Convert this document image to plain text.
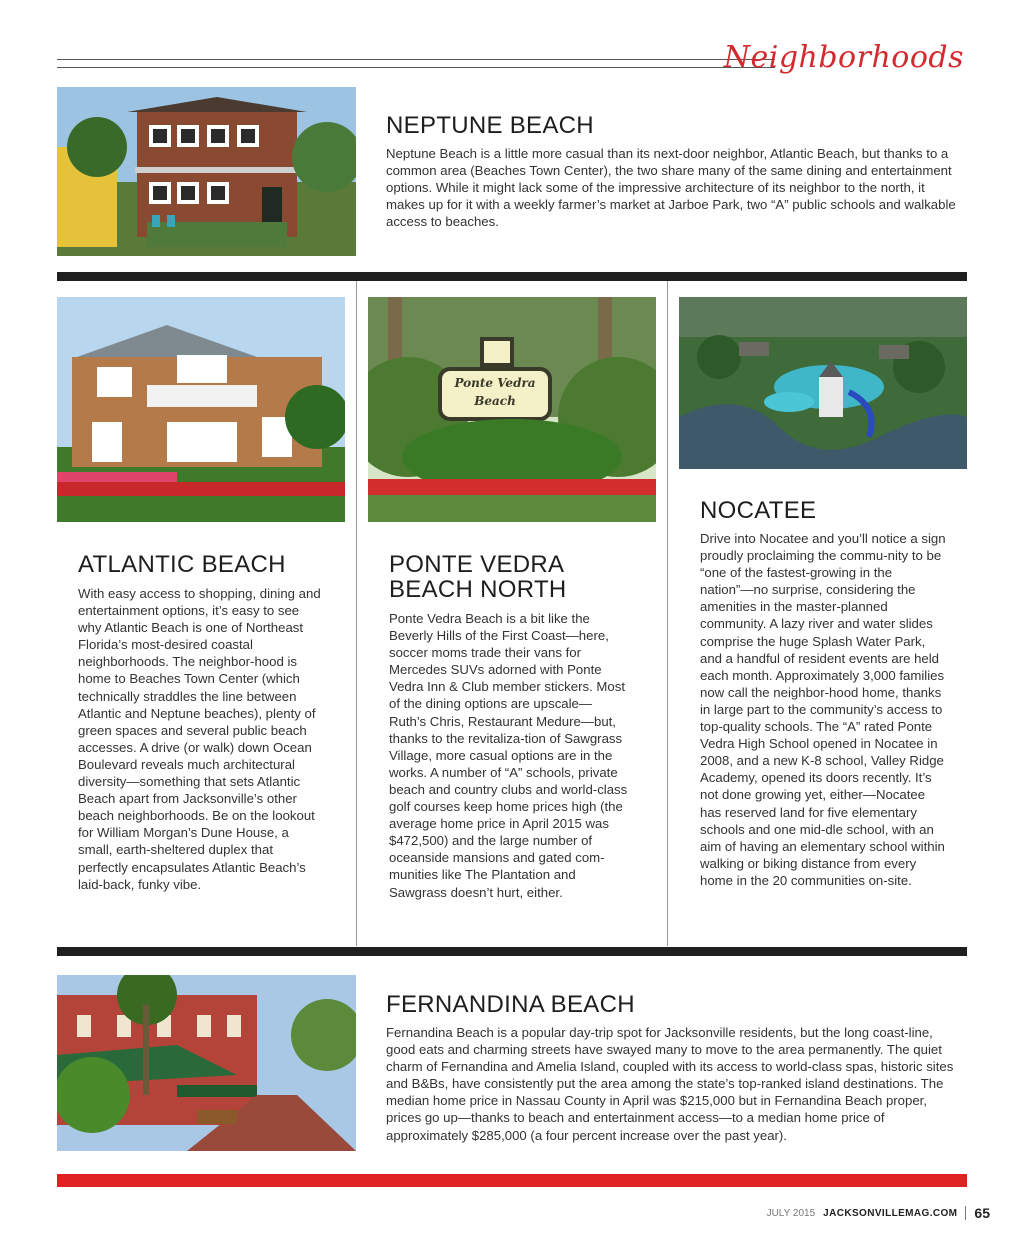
Neighborhoods
NEPTUNE BEACH

Neptune Beach is a little more casual than its next-door neighbor, Atlantic Beach, but thanks to a common area (Beaches Town Center), the two share many of the same dining and entertainment options. While it might lack some of the impressive architecture of its neighbor to the north, it makes up for it with a weekly farmer’s market at Jarboe Park, two “A” public schools and walkable access to beaches.

Ponte Vedra
Beach
ATLANTIC BEACH

With easy access to shopping, dining and entertainment options, it’s easy to see why Atlantic Beach is one of Northeast Florida’s most-desired coastal neighborhoods. The neighbor-hood is home to Beaches Town Center (which technically straddles the line between Atlantic and Neptune beaches), plenty of green spaces and several public beach accesses. A drive (or walk) down Ocean Boulevard reveals much architectural diversity—something that sets Atlantic Beach apart from Jacksonville’s other beach neighborhoods. Be on the lookout for William Morgan’s Dune House, a small, earth-sheltered duplex that perfectly encapsulates Atlantic Beach’s laid-back, funky vibe.

PONTE VEDRA BEACH NORTH

Ponte Vedra Beach is a bit like the Beverly Hills of the First Coast—here, soccer moms trade their vans for Mercedes SUVs adorned with Ponte Vedra Inn & Club member stickers. Most of the dining options are upscale—Ruth’s Chris, Restaurant Medure—but, thanks to the revitaliza-tion of Sawgrass Village, more casual options are in the works. A number of “A” schools, private beach and country clubs and world-class golf courses keep home prices high (the average home price in April 2015 was $472,500) and the large number of oceanside mansions and gated com-munities like The Plantation and Sawgrass doesn’t hurt, either.

NOCATEE

Drive into Nocatee and you’ll notice a sign proudly proclaiming the commu-nity to be “one of the fastest-growing in the nation”—no surprise, considering the amenities in the master-planned community. A lazy river and water slides comprise the huge Splash Water Park, and a handful of resident events are held each month. Approximately 3,000 families now call the neighbor-hood home, thanks in large part to the community’s access to top-quality schools. The “A” rated Ponte Vedra High School opened in Nocatee in 2008, and a new K-8 school, Valley Ridge Academy, opened its doors recently. It’s not done growing yet, either—Nocatee has reserved land for five elementary schools and one mid-dle school, with an aim of having an elementary school within walking or biking distance from every home in the 20 communities on-site.

FERNANDINA BEACH

Fernandina Beach is a popular day-trip spot for Jacksonville residents, but the long coast-line, good eats and charming streets have swayed many to move to the area permanently. The quiet charm of Fernandina and Amelia Island, coupled with its access to world-class spas, historic sites and B&Bs, have consistently put the area among the state’s top-ranked island destinations. The median home price in Nassau County in April was $215,000 but in Fernandina Beach proper, prices go up—thanks to beach and entertainment access—to a median home price of approximately $285,000 (a four percent increase over the past year).

JULY 2015 JACKSONVILLEMAG.COM 65
